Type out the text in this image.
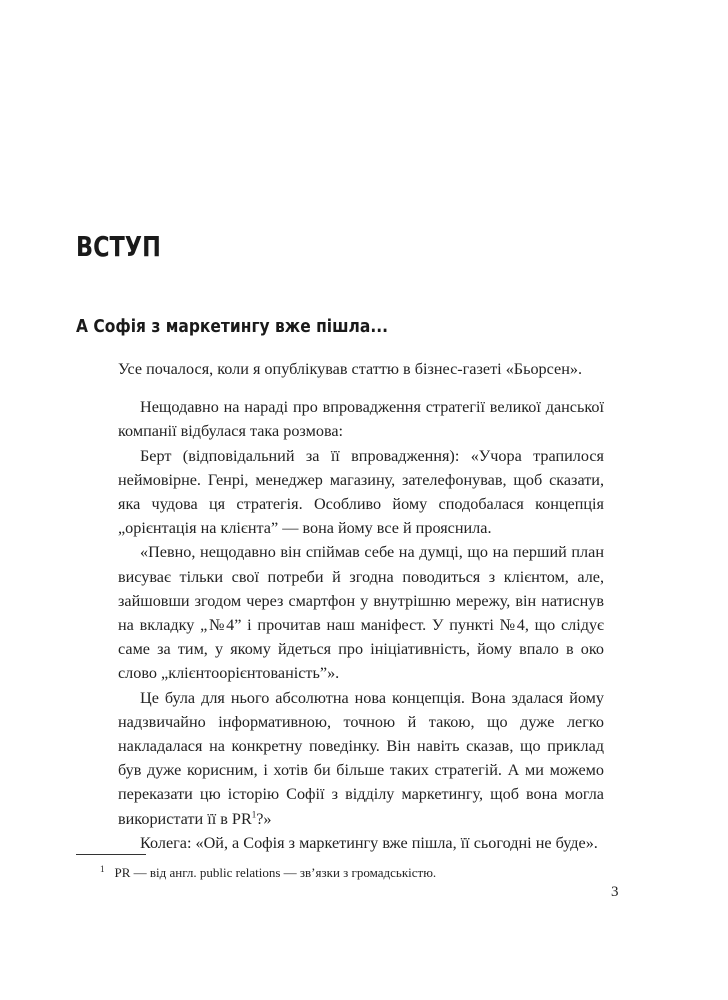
ВСТУП
А Софія з маркетингу вже пішла...

Усе почалося, коли я опублікував статтю в бізнес-газеті «Бьорсен».

Нещодавно на нараді про впровадження стратегії великої данської компанії відбулася така розмова:

Берт (відповідальний за її впровадження): «Учора трапилося неймовірне. Генрі, менеджер магазину, зателефонував, щоб сказати, яка чудова ця стратегія. Особливо йому сподобалася концепція „орієнтація на клієнта” — вона йому все й прояснила.

«Певно, нещодавно він спіймав себе на думці, що на перший план висуває тільки свої потреби й згодна поводиться з клієнтом, але, зайшовши згодом через смартфон у внутрішню мережу, він натиснув на вкладку „№4” і прочитав наш маніфест. У пункті №4, що слідує саме за тим, у якому йдеться про ініціативність, йому впало в око слово „клієнтоорієнтованість”».

Це була для нього абсолютна нова концепція. Вона здалася йому надзвичайно інформативною, точною й такою, що дуже легко накладалася на конкретну поведінку. Він навіть сказав, що приклад був дуже корисним, і хотів би більше таких стратегій. А ми можемо переказати цю історію Софії з відділу маркетингу, щоб вона могла використати її в $PR^1$?»

Колега: «Ой, а Софія з маркетингу вже пішла, її сьогодні не буде».

$^1$ PR — від англ. public relations — зв’язки з громадськістю.
3
